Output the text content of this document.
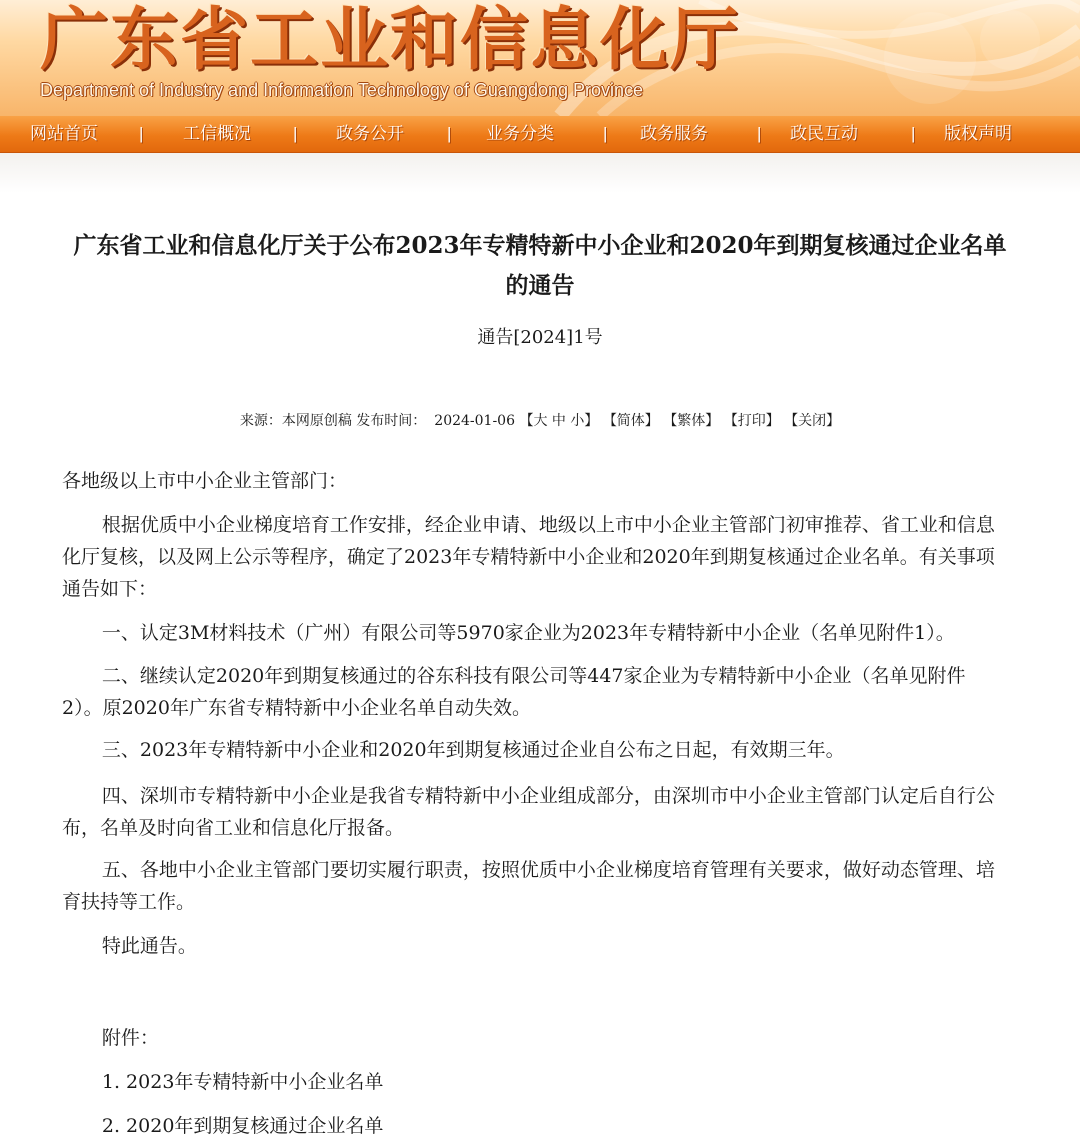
广东省工业和信息化厅
Department of Industry and Information Technology of Guangdong Province
网站首页 | 工信概况 | 政务公开	| 业务分类	| 政务服务	| 政民互动	| 版权声明
广东省工业和信息化厅关于公布2023年专精特新中小企业和2020年到期复核通过企业名单的通告
通告[2024]1号
来源：本网原创稿 发布时间： 2024-01-06 【大 中 小】 【简体】 【繁体】 【打印】 【关闭】

各地级以上市中小企业主管部门：

根据优质中小企业梯度培育工作安排，经企业申请、地级以上市中小企业主管部门初审推荐、省工业和信息化厅复核，以及网上公示等程序，确定了2023年专精特新中小企业和2020年到期复核通过企业名单。有关事项通告如下：

一、认定3M材料技术（广州）有限公司等5970家企业为2023年专精特新中小企业（名单见附件1）。

二、继续认定2020年到期复核通过的谷东科技有限公司等447家企业为专精特新中小企业（名单见附件2）。原2020年广东省专精特新中小企业名单自动失效。

三、2023年专精特新中小企业和2020年到期复核通过企业自公布之日起，有效期三年。

四、深圳市专精特新中小企业是我省专精特新中小企业组成部分，由深圳市中小企业主管部门认定后自行公布，名单及时向省工业和信息化厅报备。

五、各地中小企业主管部门要切实履行职责，按照优质中小企业梯度培育管理有关要求，做好动态管理、培育扶持等工作。

特此通告。

附件：

1. 2023年专精特新中小企业名单

2. 2020年到期复核通过企业名单
